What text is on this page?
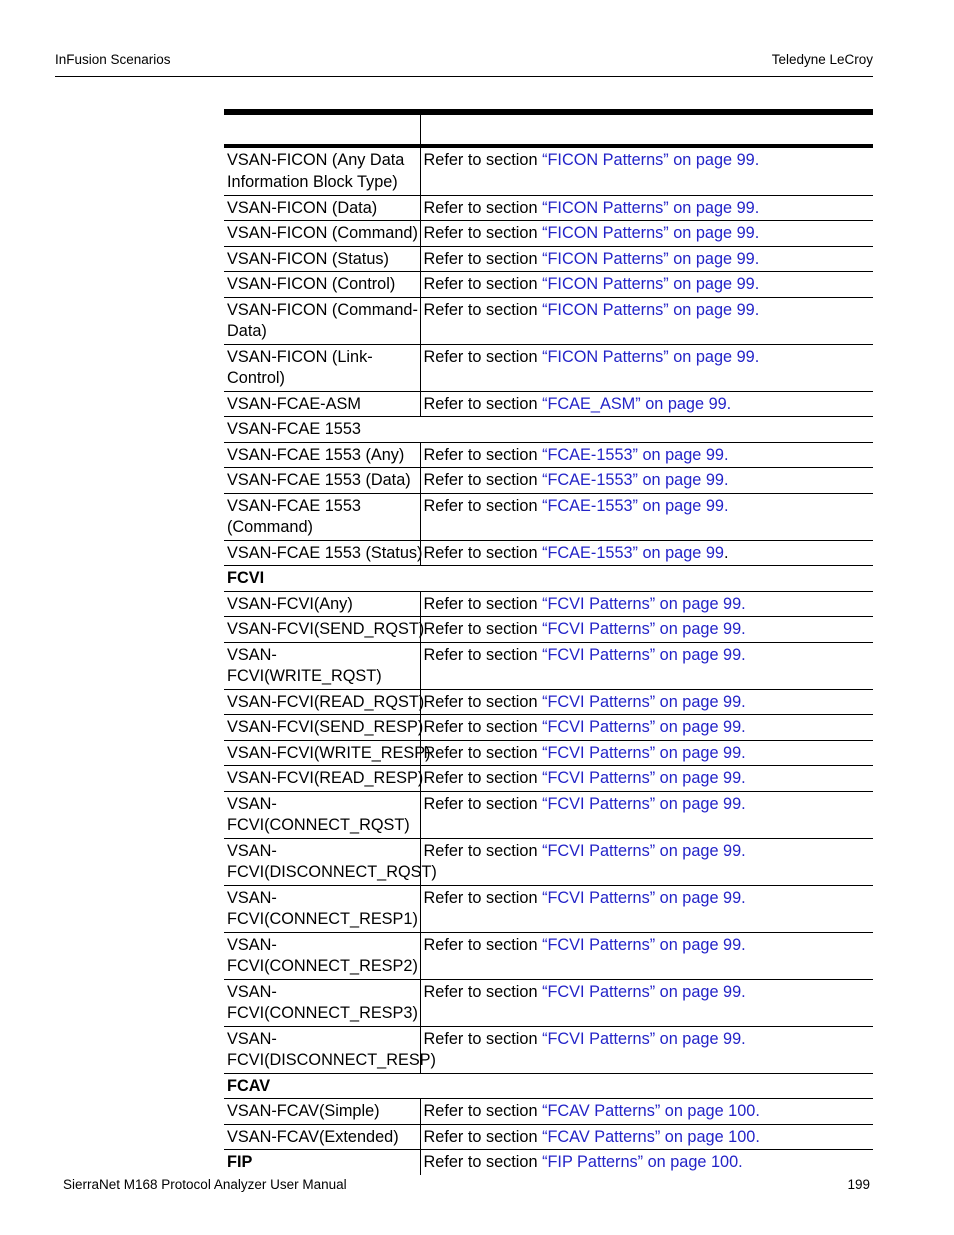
InFusion Scenarios	Teledyne LeCroy
VSAN-FICON (Any Data
Information Block Type)	Refer to section “FICON Patterns” on page 99.
VSAN-FICON (Data)	Refer to section “FICON Patterns” on page 99.
VSAN-FICON (Command)	Refer to section “FICON Patterns” on page 99.
VSAN-FICON (Status)	Refer to section “FICON Patterns” on page 99.
VSAN-FICON (Control)	Refer to section “FICON Patterns” on page 99.
VSAN-FICON (Command-
Data)	Refer to section “FICON Patterns” on page 99.
VSAN-FICON (Link-
Control)	Refer to section “FICON Patterns” on page 99.
VSAN-FCAE-ASM	Refer to section “FCAE_ASM” on page 99.
VSAN-FCAE 1553	
VSAN-FCAE 1553 (Any)	Refer to section “FCAE-1553” on page 99.
VSAN-FCAE 1553 (Data)	Refer to section “FCAE-1553” on page 99.
VSAN-FCAE 1553
(Command)	Refer to section “FCAE-1553” on page 99.
VSAN-FCAE 1553 (Status)	Refer to section “FCAE-1553” on page 99.
FCVI	
VSAN-FCVI(Any)	Refer to section “FCVI Patterns” on page 99.
VSAN-FCVI(SEND_RQST)	Refer to section “FCVI Patterns” on page 99.
VSAN-
FCVI(WRITE_RQST)	Refer to section “FCVI Patterns” on page 99.
VSAN-FCVI(READ_RQST)	Refer to section “FCVI Patterns” on page 99.
VSAN-FCVI(SEND_RESP)	Refer to section “FCVI Patterns” on page 99.
VSAN-FCVI(WRITE_RESP)	Refer to section “FCVI Patterns” on page 99.
VSAN-FCVI(READ_RESP)	Refer to section “FCVI Patterns” on page 99.
VSAN-
FCVI(CONNECT_RQST)	Refer to section “FCVI Patterns” on page 99.
VSAN-
FCVI(DISCONNECT_RQST)	Refer to section “FCVI Patterns” on page 99.
VSAN-
FCVI(CONNECT_RESP1)	Refer to section “FCVI Patterns” on page 99.
VSAN-
FCVI(CONNECT_RESP2)	Refer to section “FCVI Patterns” on page 99.
VSAN-
FCVI(CONNECT_RESP3)	Refer to section “FCVI Patterns” on page 99.
VSAN-
FCVI(DISCONNECT_RESP)	Refer to section “FCVI Patterns” on page 99.
FCAV	
VSAN-FCAV(Simple)	Refer to section “FCAV Patterns” on page 100.
VSAN-FCAV(Extended)	Refer to section “FCAV Patterns” on page 100.
FIP	Refer to section “FIP Patterns” on page 100.
SierraNet M168 Protocol Analyzer User Manual	199
